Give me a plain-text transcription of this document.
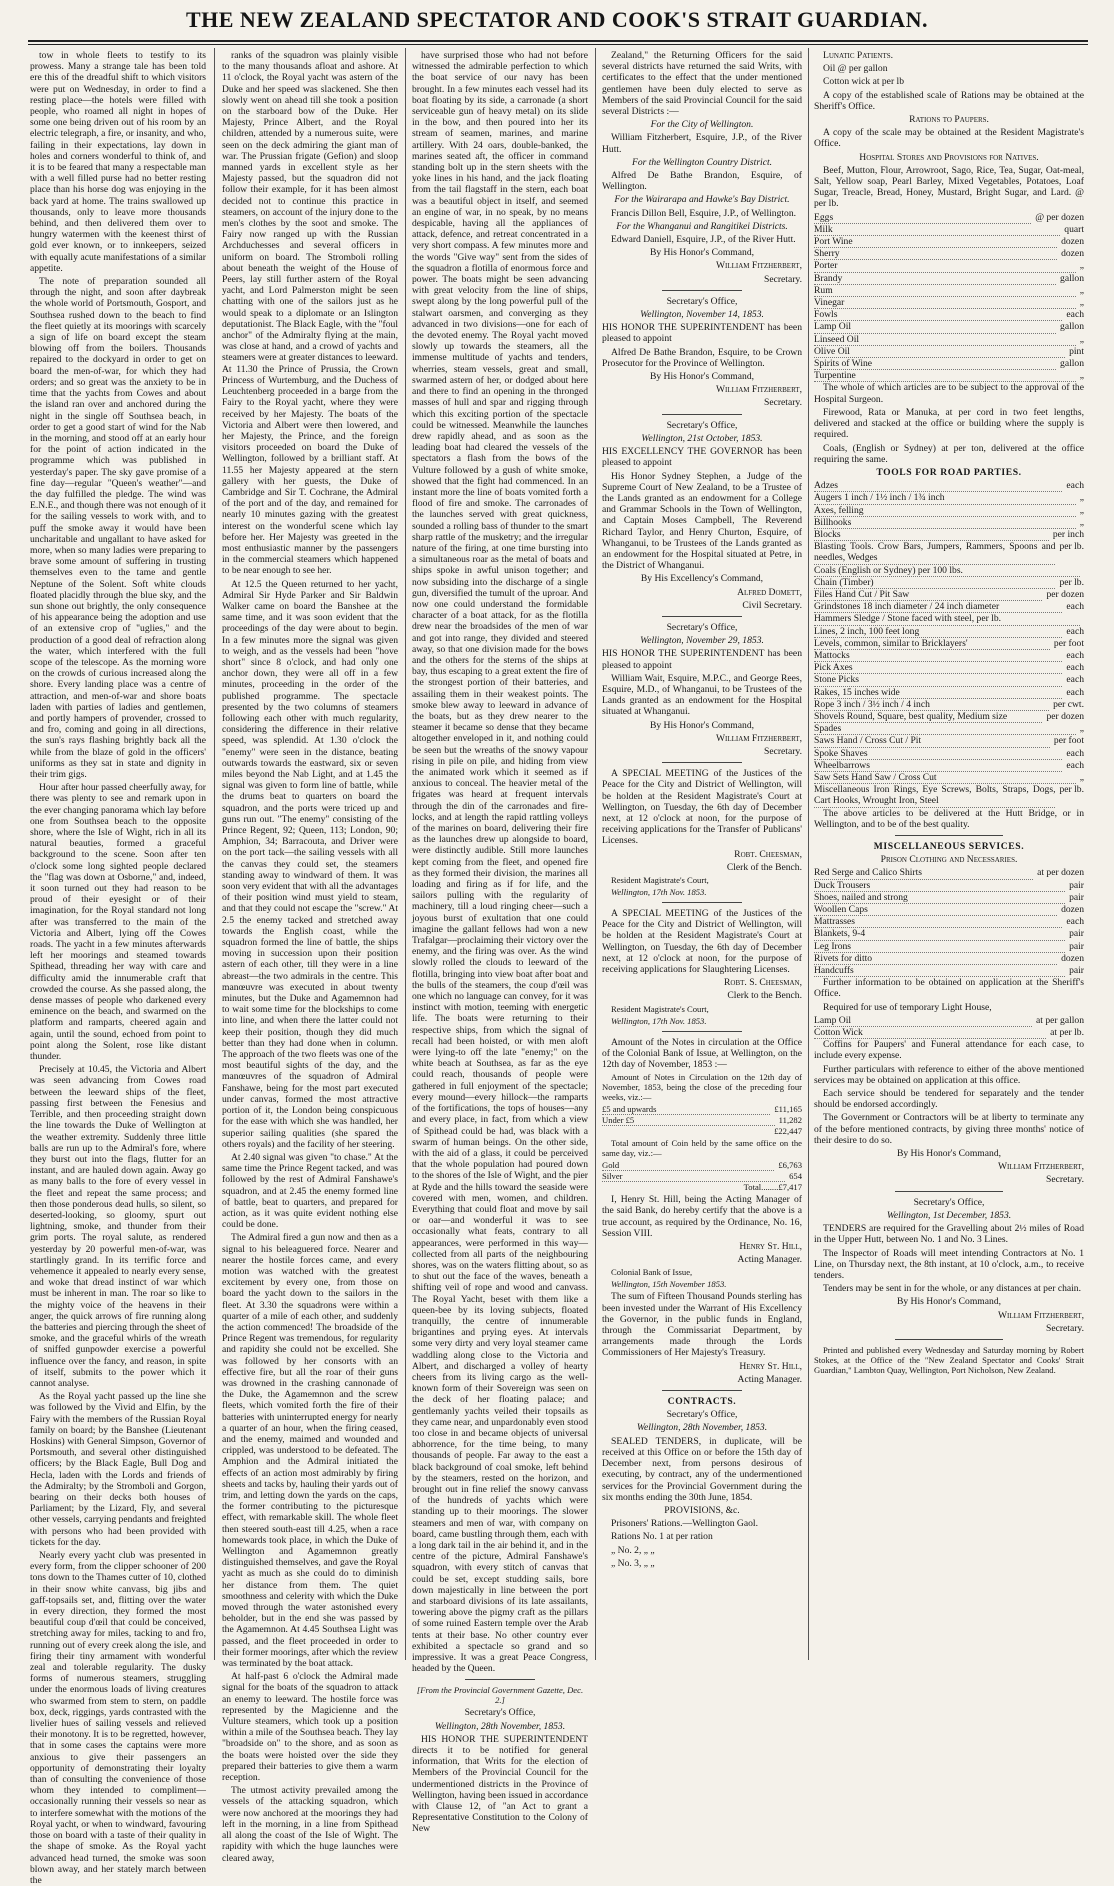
THE NEW ZEALAND SPECTATOR AND COOK'S STRAIT GUARDIAN.

tow in whole fleets to testify to its prowess. Many a strange tale has been told ere this of the dreadful shift to which visitors were put on Wednesday, in order to find a resting place—the hotels were filled with people, who roamed all night in hopes of some one being driven out of his room by an electric telegraph, a fire, or insanity, and who, failing in their expectations, lay down in holes and corners wonderful to think of, and it is to be feared that many a respectable man with a well filled purse had no better resting place than his horse dog was enjoying in the back yard at home. The trains swallowed up thousands, only to leave more thousands behind, and then delivered them over to hungry watermen with the keenest thirst of gold ever known, or to innkeepers, seized with equally acute manifestations of a similar appetite.

The note of preparation sounded all through the night, and soon after daybreak the whole world of Portsmouth, Gosport, and Southsea rushed down to the beach to find the fleet quietly at its moorings with scarcely a sign of life on board except the steam blowing off from the boilers. Thousands repaired to the dockyard in order to get on board the men-of-war, for which they had orders; and so great was the anxiety to be in time that the yachts from Cowes and about the island ran over and anchored during the night in the single off Southsea beach, in order to get a good start of wind for the Nab in the morning, and stood off at an early hour for the point of action indicated in the programme which was published in yesterday's paper. The sky gave promise of a fine day—regular "Queen's weather"—and the day fulfilled the pledge. The wind was E.N.E., and though there was not enough of it for the sailing vessels to work with, and to puff the smoke away it would have been uncharitable and ungallant to have asked for more, when so many ladies were preparing to brave some amount of suffering in trusting themselves even to the tame and gentle Neptune of the Solent. Soft white clouds floated placidly through the blue sky, and the sun shone out brightly, the only consequence of his appearance being the adoption and use of an extensive crop of "uglies," and the production of a good deal of refraction along the water, which interfered with the full scope of the telescope. As the morning wore on the crowds of curious increased along the shore. Every landing place was a centre of attraction, and men-of-war and shore boats laden with parties of ladies and gentlemen, and portly hampers of provender, crossed to and fro, coming and going in all directions, the sun's rays flashing brightly back all the while from the blaze of gold in the officers' uniforms as they sat in state and dignity in their trim gigs.

Hour after hour passed cheerfully away, for there was plenty to see and remark upon in the ever changing panorama which lay before one from Southsea beach to the opposite shore, where the Isle of Wight, rich in all its natural beauties, formed a graceful background to the scene. Soon after ten o'clock some long sighted people declared the "flag was down at Osborne," and, indeed, it soon turned out they had reason to be proud of their eyesight or of their imagination, for the Royal standard not long after was transferred to the main of the Victoria and Albert, lying off the Cowes roads. The yacht in a few minutes afterwards left her moorings and steamed towards Spithead, threading her way with care and difficulty amid the innumerable craft that crowded the course. As she passed along, the dense masses of people who darkened every eminence on the beach, and swarmed on the platform and ramparts, cheered again and again, until the sound, echoed from point to point along the Solent, rose like distant thunder.

Precisely at 10.45, the Victoria and Albert was seen advancing from Cowes road between the leeward ships of the fleet, passing first between the Fenesius and Terrible, and then proceeding straight down the line towards the Duke of Wellington at the weather extremity. Suddenly three little balls are run up to the Admiral's fore, where they burst out into the flags, flutter for an instant, and are hauled down again. Away go as many balls to the fore of every vessel in the fleet and repeat the same process; and then those ponderous dead hulls, so silent, so deserted-looking, so gloomy, spurt out lightning, smoke, and thunder from their grim ports. The royal salute, as rendered yesterday by 20 powerful men-of-war, was startlingly grand. In its terrific force and vehemence it appealed to nearly every sense, and woke that dread instinct of war which must be inherent in man. The roar so like to the mighty voice of the heavens in their anger, the quick arrows of fire running along the batteries and piercing through the sheet of smoke, and the graceful whirls of the wreath of sniffed gunpowder exercise a powerful influence over the fancy, and reason, in spite of itself, submits to the power which it cannot analyse.

As the Royal yacht passed up the line she was followed by the Vivid and Elfin, by the Fairy with the members of the Russian Royal family on board; by the Banshee (Lieutenant Hoskins) with General Simpson, Governor of Portsmouth, and several other distinguished officers; by the Black Eagle, Bull Dog and Hecla, laden with the Lords and friends of the Admiralty; by the Stromboli and Gorgon, bearing on their decks both houses of Parliament; by the Lizard, Fly, and several other vessels, carrying pendants and freighted with persons who had been provided with tickets for the day.

Nearly every yacht club was presented in every form, from the clipper schooner of 200 tons down to the Thames cutter of 10, clothed in their snow white canvass, big jibs and gaff-topsails set, and, flitting over the water in every direction, they formed the most beautiful coup d'œil that could be conceived, stretching away for miles, tacking to and fro, running out of every creek along the isle, and firing their tiny armament with wonderful zeal and tolerable regularity. The dusky forms of numerous steamers, struggling under the enormous loads of living creatures who swarmed from stem to stern, on paddle box, deck, riggings, yards contrasted with the livelier hues of sailing vessels and relieved their monotony. It is to be regretted, however, that in some cases the captains were more anxious to give their passengers an opportunity of demonstrating their loyalty than of consulting the convenience of those whom they intended to compliment—occasionally running their vessels so near as to interfere somewhat with the motions of the Royal yacht, or when to windward, favouring those on board with a taste of their quality in the shape of smoke. As the Royal yacht advanced head turned, the smoke was soon blown away, and her stately march between the

ranks of the squadron was plainly visible to the many thousands afloat and ashore. At 11 o'clock, the Royal yacht was astern of the Duke and her speed was slackened. She then slowly went on ahead till she took a position on the starboard bow of the Duke. Her Majesty, Prince Albert, and the Royal children, attended by a numerous suite, were seen on the deck admiring the giant man of war. The Prussian frigate (Gefion) and sloop manned yards in excellent style as her Majesty passed, but the squadron did not follow their example, for it has been almost decided not to continue this practice in steamers, on account of the injury done to the men's clothes by the soot and smoke. The Fairy now ranged up with the Russian Archduchesses and several officers in uniform on board. The Stromboli rolling about beneath the weight of the House of Peers, lay still further astern of the Royal yacht, and Lord Palmerston might be seen chatting with one of the sailors just as he would speak to a diplomate or an Islington deputationist. The Black Eagle, with the "foul anchor" of the Admiralty flying at the main, was close at hand, and a crowd of yachts and steamers were at greater distances to leeward. At 11.30 the Prince of Prussia, the Crown Princess of Wurtemburg, and the Duchess of Leuchtenberg proceeded in a barge from the Fairy to the Royal yacht, where they were received by her Majesty. The boats of the Victoria and Albert were then lowered, and her Majesty, the Prince, and the foreign visitors proceeded on board the Duke of Wellington, followed by a brilliant staff. At 11.55 her Majesty appeared at the stern gallery with her guests, the Duke of Cambridge and Sir T. Cochrane, the Admiral of the port and of the day, and remained for nearly 10 minutes gazing with the greatest interest on the wonderful scene which lay before her. Her Majesty was greeted in the most enthusiastic manner by the passengers in the commercial steamers which happened to be near enough to see her.

At 12.5 the Queen returned to her yacht, Admiral Sir Hyde Parker and Sir Baldwin Walker came on board the Banshee at the same time, and it was soon evident that the proceedings of the day were about to begin. In a few minutes more the signal was given to weigh, and as the vessels had been "hove short" since 8 o'clock, and had only one anchor down, they were all off in a few minutes, proceeding in the order of the published programme. The spectacle presented by the two columns of steamers following each other with much regularity, considering the difference in their relative speed, was splendid. At 1.30 o'clock the "enemy" were seen in the distance, beating outwards towards the eastward, six or seven miles beyond the Nab Light, and at 1.45 the signal was given to form line of battle, while the drums beat to quarters on board the squadron, and the ports were triced up and guns run out. "The enemy" consisting of the Prince Regent, 92; Queen, 113; London, 90; Amphion, 34; Barracouta, and Driver were on the port tack—the sailing vessels with all the canvas they could set, the steamers standing away to windward of them. It was soon very evident that with all the advantages of their position wind must yield to steam, and that they could not escape the "screw." At 2.5 the enemy tacked and stretched away towards the English coast, while the squadron formed the line of battle, the ships moving in succession upon their position astern of each other, till they were in a line abreast—the two admirals in the centre. This manœuvre was executed in about twenty minutes, but the Duke and Agamemnon had to wait some time for the blockships to come into line, and when there the latter could not keep their position, though they did much better than they had done when in column. The approach of the two fleets was one of the most beautiful sights of the day, and the manœuvres of the squadron of Admiral Fanshawe, being for the most part executed under canvas, formed the most attractive portion of it, the London being conspicuous for the ease with which she was handled, her superior sailing qualities (she spared the others royals) and the facility of her steering.

At 2.40 signal was given "to chase." At the same time the Prince Regent tacked, and was followed by the rest of Admiral Fanshawe's squadron, and at 2.45 the enemy formed line of battle, beat to quarters, and prepared for action, as it was quite evident nothing else could be done.

The Admiral fired a gun now and then as a signal to his beleaguered force. Nearer and nearer the hostile forces came, and every motion was watched with the greatest excitement by every one, from those on board the yacht down to the sailors in the fleet. At 3.30 the squadrons were within a quarter of a mile of each other, and suddenly the action commenced! The broadside of the Prince Regent was tremendous, for regularity and rapidity she could not be excelled. She was followed by her consorts with an effective fire, but all the roar of their guns was drowned in the crashing cannonade of the Duke, the Agamemnon and the screw fleets, which vomited forth the fire of their batteries with uninterrupted energy for nearly a quarter of an hour, when the firing ceased, and the enemy, maimed and wounded and crippled, was understood to be defeated. The Amphion and the Admiral initiated the effects of an action most admirably by firing sheets and tacks by, hauling their yards out of trim, and letting down the yards on the caps, the former contributing to the picturesque effect, with remarkable skill. The whole fleet then steered south-east till 4.25, when a race homewards took place, in which the Duke of Wellington and Agamemnon greatly distinguished themselves, and gave the Royal yacht as much as she could do to diminish her distance from them. The quiet smoothness and celerity with which the Duke moved through the water astonished every beholder, but in the end she was passed by the Agamemnon. At 4.45 Southsea Light was passed, and the fleet proceeded in order to their former moorings, after which the review was terminated by the boat attack.

At half-past 6 o'clock the Admiral made signal for the boats of the squadron to attack an enemy to leeward. The hostile force was represented by the Magicienne and the Vulture steamers, which took up a position within a mile of the Southsea beach. They lay "broadside on" to the shore, and as soon as the boats were hoisted over the side they prepared their batteries to give them a warm reception.

The utmost activity prevailed among the vessels of the attacking squadron, which were now anchored at the moorings they had left in the morning, in a line from Spithead all along the coast of the Isle of Wight. The rapidity with which the huge launches were cleared away,

have surprised those who had not before witnessed the admirable perfection to which the boat service of our navy has been brought. In a few minutes each vessel had its boat floating by its side, a carronade (a short serviceable gun of heavy metal) on its slide in the bow, and then poured into her its stream of seamen, marines, and marine artillery. With 24 oars, double-banked, the marines seated aft, the officer in command standing bolt up in the stern sheets with the yoke lines in his hand, and the jack floating from the tail flagstaff in the stern, each boat was a beautiful object in itself, and seemed an engine of war, in no speak, by no means despicable, having all the appliances of attack, defence, and retreat concentrated in a very short compass. A few minutes more and the words "Give way" sent from the sides of the squadron a flotilla of enormous force and power. The boats might be seen advancing with great velocity from the line of ships, swept along by the long powerful pull of the stalwart oarsmen, and converging as they advanced in two divisions—one for each of the devoted enemy. The Royal yacht moved slowly up towards the steamers, all the immense multitude of yachts and tenders, wherries, steam vessels, great and small, swarmed astern of her, or dodged about here and there to find an opening in the thronged masses of hull and spar and rigging through which this exciting portion of the spectacle could be witnessed. Meanwhile the launches drew rapidly ahead, and as soon as the leading boat had cleared the vessels of the spectators a flash from the bows of the Vulture followed by a gush of white smoke, showed that the fight had commenced. In an instant more the line of boats vomited forth a flood of fire and smoke. The carronades of the launches served with great quickness, sounded a rolling bass of thunder to the smart sharp rattle of the musketry; and the irregular nature of the firing, at one time bursting into a simultaneous roar as the metal of boats and ships spoke in awful unison together; and now subsiding into the discharge of a single gun, diversified the tumult of the uproar. And now one could understand the formidable character of a boat attack, for as the flotilla drew near the broadsides of the men of war and got into range, they divided and steered away, so that one division made for the bows and the others for the sterns of the ships at bay, thus escaping to a great extent the fire of the strongest portion of their batteries, and assailing them in their weakest points. The smoke blew away to leeward in advance of the boats, but as they drew nearer to the steamer it became so dense that they became altogether enveloped in it, and nothing could be seen but the wreaths of the snowy vapour rising in pile on pile, and hiding from view the animated work which it seemed as if anxious to conceal. The heavier metal of the frigates was heard at frequent intervals through the din of the carronades and fire-locks, and at length the rapid rattling volleys of the marines on board, delivering their fire as the launches drew up alongside to board, were distinctly audible. Still more launches kept coming from the fleet, and opened fire as they formed their division, the marines all loading and firing as if for life, and the sailors pulling with the regularity of machinery, till a loud ringing cheer—such a joyous burst of exultation that one could imagine the gallant fellows had won a new Trafalgar—proclaiming their victory over the enemy, and the firing was over. As the wind slowly rolled the clouds to leeward of the flotilla, bringing into view boat after boat and the bulls of the steamers, the coup d'œil was one which no language can convey, for it was instinct with motion, teeming with energetic life. The boats were returning to their respective ships, from which the signal of recall had been hoisted, or with men aloft were lying-to off the late "enemy;" on the white beach at Southsea, as far as the eye could reach, thousands of people were gathered in full enjoyment of the spectacle; every mound—every hillock—the ramparts of the fortifications, the tops of houses—any and every place, in fact, from which a view of Spithead could be had, was black with a swarm of human beings. On the other side, with the aid of a glass, it could be perceived that the whole population had poured down to the shores of the Isle of Wight, and the pier at Ryde and the hills toward the seaside were covered with men, women, and children. Everything that could float and move by sail or oar—and wonderful it was to see occasionally what feats, contrary to all appearances, were performed in this way—collected from all parts of the neighbouring shores, was on the waters flitting about, so as to shut out the face of the waves, beneath a shifting veil of rope and wood and canvass. The Royal Yacht, beset with them like a queen-bee by its loving subjects, floated tranquilly, the centre of innumerable brigantines and prying eyes. At intervals some very dirty and very loyal steamer came waddling along close to the Victoria and Albert, and discharged a volley of hearty cheers from its living cargo as the well-known form of their Sovereign was seen on the deck of her floating palace; and gentlemanly yachts veiled their topsails as they came near, and unpardonably even stood too close in and became objects of universal abhorrence, for the time being, to many thousands of people. Far away to the east a black background of coal smoke, left behind by the steamers, rested on the horizon, and brought out in fine relief the snowy canvass of the hundreds of yachts which were standing up to their moorings. The slower steamers and men of war, with company on board, came bustling through them, each with a long dark tail in the air behind it, and in the centre of the picture, Admiral Fanshawe's squadron, with every stitch of canvas that could be set, except studding sails, bore down majestically in line between the port and starboard divisions of its late assailants, towering above the pigmy craft as the pillars of some ruined Eastern temple over the Arab tents at their base. No other country ever exhibited a spectacle so grand and so impressive. It was a great Peace Congress, headed by the Queen.

[From the Provincial Government Gazette, Dec. 2.]

Secretary's Office,

Wellington, 28th November, 1853.

HIS HONOR THE SUPERINTENDENT directs it to be notified for general information, that Writs for the election of Members of the Provincial Council for the undermentioned districts in the Province of Wellington, having been issued in accordance with Clause 12, of "an Act to grant a Representative Constitution to the Colony of New

Zealand," the Returning Officers for the said several districts have returned the said Writs, with certificates to the effect that the under mentioned gentlemen have been duly elected to serve as Members of the said Provincial Council for the said several Districts :—

For the City of Wellington.

William Fitzherbert, Esquire, J.P., of the River Hutt.

For the Wellington Country District.

Alfred De Bathe Brandon, Esquire, of Wellington.

For the Wairarapa and Hawke's Bay District.

Francis Dillon Bell, Esquire, J.P., of Wellington.

For the Whanganui and Rangitikei Districts.

Edward Daniell, Esquire, J.P., of the River Hutt.

By His Honor's Command,

William Fitzherbert,

Secretary.

Secretary's Office,

Wellington, November 14, 1853.

HIS HONOR THE SUPERINTENDENT has been pleased to appoint

Alfred De Bathe Brandon, Esquire, to be Crown Prosecutor for the Province of Wellington.

By His Honor's Command,

William Fitzherbert,

Secretary.

Secretary's Office,

Wellington, 21st October, 1853.

HIS EXCELLENCY THE GOVERNOR has been pleased to appoint

His Honor Sydney Stephen, a Judge of the Supreme Court of New Zealand, to be a Trustee of the Lands granted as an endowment for a College and Grammar Schools in the Town of Wellington, and Captain Moses Campbell, The Reverend Richard Taylor, and Henry Churton, Esquire, of Whanganui, to be Trustees of the Lands granted as an endowment for the Hospital situated at Petre, in the District of Whanganui.

By His Excellency's Command,

Alfred Domett,

Civil Secretary.

Secretary's Office,

Wellington, November 29, 1853.

HIS HONOR THE SUPERINTENDENT has been pleased to appoint

William Wait, Esquire, M.P.C., and George Rees, Esquire, M.D., of Whanganui, to be Trustees of the Lands granted as an endowment for the Hospital situated at Whanganui.

By His Honor's Command,

William Fitzherbert,

Secretary.

A SPECIAL MEETING of the Justices of the Peace for the City and District of Wellington, will be holden at the Resident Magistrate's Court at Wellington, on Tuesday, the 6th day of December next, at 12 o'clock at noon, for the purpose of receiving applications for the Transfer of Publicans' Licenses.

Robt. Cheesman,

Clerk of the Bench.

Resident Magistrate's Court,

Wellington, 17th Nov. 1853.

A SPECIAL MEETING of the Justices of the Peace for the City and District of Wellington, will be holden at the Resident Magistrate's Court at Wellington, on Tuesday, the 6th day of December next, at 12 o'clock at noon, for the purpose of receiving applications for Slaughtering Licenses.

Robt. S. Cheesman,

Clerk to the Bench.

Resident Magistrate's Court,

Wellington, 17th Nov. 1853.

Amount of the Notes in circulation at the Office of the Colonial Bank of Issue, at Wellington, on the 12th day of November, 1853 :—

Amount of Notes in Circulation on the 12th day of November, 1853, being the close of the preceding four weeks, viz.:—

£5 and upwards	£11,165
Under £5	11,282

£22,447

Total amount of Coin held by the same office on the same day, viz.:—

Gold	£6,763
Silver	654

Total........£7,417

I, Henry St. Hill, being the Acting Manager of the said Bank, do hereby certify that the above is a true account, as required by the Ordinance, No. 16, Session VIII.

Henry St. Hill,

Acting Manager.

Colonial Bank of Issue,

Wellington, 15th November 1853.

The sum of Fifteen Thousand Pounds sterling has been invested under the Warrant of His Excellency the Governor, in the public funds in England, through the Commissariat Department, by arrangements made through the Lords Commissioners of Her Majesty's Treasury.

Henry St. Hill,

Acting Manager.

CONTRACTS.

Secretary's Office,

Wellington, 28th November, 1853.

SEALED TENDERS, in duplicate, will be received at this Office on or before the 15th day of December next, from persons desirous of executing, by contract, any of the undermentioned services for the Provincial Government during the six months ending the 30th June, 1854.

PROVISIONS, &c.

Prisoners' Rations.—Wellington Gaol.

Rations No. 1 at per ration

„ No. 2, „ „

„ No. 3, „ „

Lunatic Patients.

Oil @ per gallon

Cotton wick at per lb

A copy of the established scale of Rations may be obtained at the Sheriff's Office.

Rations to Paupers.

A copy of the scale may be obtained at the Resident Magistrate's Office.

Hospital Stores and Provisions for Natives.

Beef, Mutton, Flour, Arrowroot, Sago, Rice, Tea, Sugar, Oat-meal, Salt, Yellow soap, Pearl Barley, Mixed Vegetables, Potatoes, Loaf Sugar, Treacle, Bread, Honey, Mustard, Bright Sugar, and Lard. @ per lb.

Eggs	@ per dozen
Milk	quart
Port Wine	dozen
Sherry	dozen
Porter	„
Brandy	gallon
Rum	„
Vinegar	„
Fowls	each
Lamp Oil	gallon
Linseed Oil	„
Olive Oil	pint
Spirits of Wine	gallon
Turpentine	„

The whole of which articles are to be subject to the approval of the Hospital Surgeon.

Firewood, Rata or Manuka, at per cord in two feet lengths, delivered and stacked at the office or building where the supply is required.

Coals, (English or Sydney) at per ton, delivered at the office requiring the same.

TOOLS FOR ROAD PARTIES.

Adzes	each
Augers 1 inch / 1½ inch / 1¾ inch	„
Axes, felling	„
Billhooks	„
Blocks	per inch
Blasting Tools. Crow Bars, Jumpers, Rammers, Spoons and needles, Wedges
per lb.
Coals (English or Sydney) per 100 lbs.
Chain (Timber)	per lb.
Files Hand Cut / Pit Saw	per dozen
Grindstones 18 inch diameter / 24 inch diameter	each
Hammers Sledge / Stone faced with steel, per lb.
Lines, 2 inch, 100 feet long	each
Levels, common, similar to Bricklayers'	per foot
Mattocks	each
Pick Axes	each
Stone Picks	each
Rakes, 15 inches wide	each
Rope 3 inch / 3½ inch / 4 inch	per cwt.
Shovels Round, Square, best quality, Medium size	per dozen
Spades	„
Saws Hand / Cross Cut / Pit	per foot
Spoke Shaves	each
Wheelbarrows	each
Saw Sets Hand Saw / Cross Cut	„
Miscellaneous Iron Rings, Eye Screws, Bolts, Straps, Dogs, Cart Hooks, Wrought Iron, Steel
per lb.

The above articles to be delivered at the Hutt Bridge, or in Wellington, and to be of the best quality.

MISCELLANEOUS SERVICES.

Prison Clothing and Necessaries.

Red Serge and Calico Shirts	at per dozen
Duck Trousers	pair
Shoes, nailed and strong	pair
Woollen Caps	dozen
Mattrasses	each
Blankets, 9-4	pair
Leg Irons	pair
Rivets for ditto	dozen
Handcuffs	pair

Further information to be obtained on application at the Sheriff's Office.

Required for use of temporary Light House,

Lamp Oil	at per gallon
Cotton Wick	at per lb.

Coffins for Paupers' and Funeral attendance for each case, to include every expense.

Further particulars with reference to either of the above mentioned services may be obtained on application at this office.

Each service should be tendered for separately and the tender should be endorsed accordingly.

The Government or Contractors will be at liberty to terminate any of the before mentioned contracts, by giving three months' notice of their desire to do so.

By His Honor's Command,

William Fitzherbert,

Secretary.

Secretary's Office,

Wellington, 1st December, 1853.

TENDERS are required for the Gravelling about 2½ miles of Road in the Upper Hutt, between No. 1 and No. 3 Lines.

The Inspector of Roads will meet intending Contractors at No. 1 Line, on Thursday next, the 8th instant, at 10 o'clock, a.m., to receive tenders.

Tenders may be sent in for the whole, or any distances at per chain.

By His Honor's Command,

William Fitzherbert,

Secretary.

Printed and published every Wednesday and Saturday morning by Robert Stokes, at the Office of the "New Zealand Spectator and Cooks' Strait Guardian," Lambton Quay, Wellington, Port Nicholson, New Zealand.
